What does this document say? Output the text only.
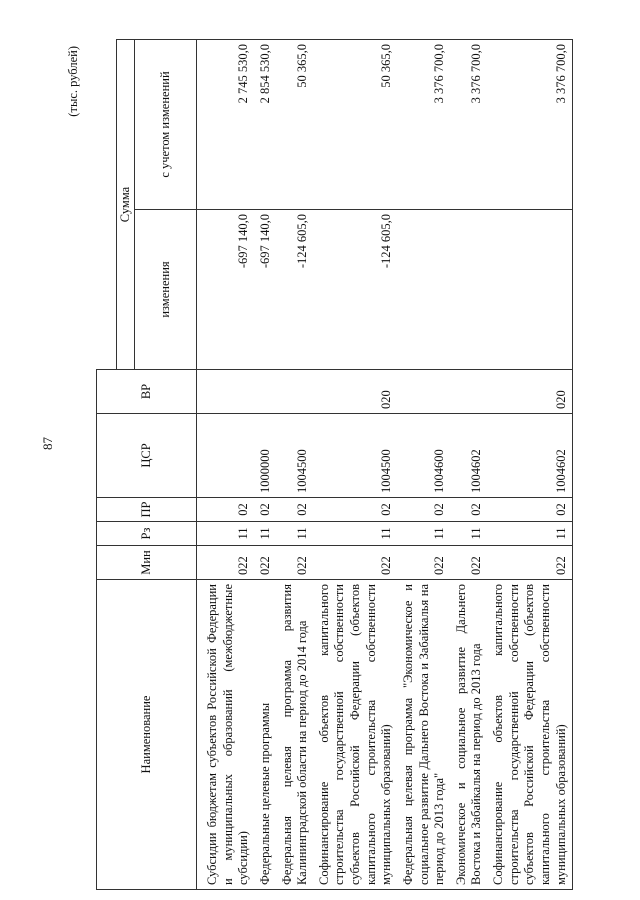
87
(тыс. рублей)
Наименование	Мин	Рз	ПР	ЦСР	ВР		
						Сумма	
						изменения	с учетом изменений
Субсидии бюджетам субъектов Российской Федерации и муниципальных образований (межбюджетные субсидии)	022	11	02			-697 140,0	2 745 530,0
Федеральные целевые программы	022	11	02	1000000		-697 140,0	2 854 530,0
Федеральная целевая программа развития Калининградской области на период до 2014 года	022	11	02	1004500		-124 605,0	50 365,0
Софинансирование объектов капитального строительства государственной собственности субъектов Российской Федерации (объектов капитального строительства собственности муниципальных образований)	022	11	02	1004500	020	-124 605,0	50 365,0
Федеральная целевая программа "Экономическое и социальное развитие Дальнего Востока и Забайкалья на период до 2013 года"	022	11	02	1004600			3 376 700,0
Экономическое и социальное развитие Дальнего Востока и Забайкалья на период до 2013 года	022	11	02	1004602			3 376 700,0
Софинансирование объектов капитального строительства государственной собственности субъектов Российской Федерации (объектов капитального строительства собственности муниципальных образований)	022	11	02	1004602	020		3 376 700,0
